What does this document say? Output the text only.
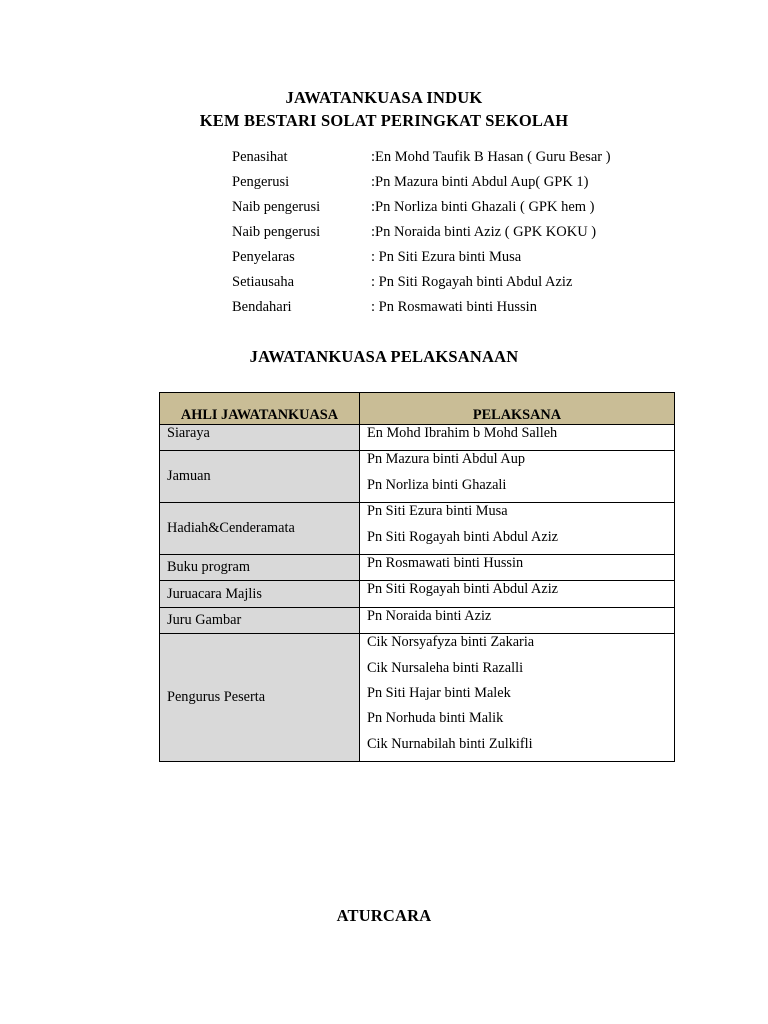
JAWATANKUASA INDUK
KEM BESTARI SOLAT PERINGKAT SEKOLAH
Penasihat	:En Mohd Taufik B Hasan ( Guru Besar )
Pengerusi	:Pn Mazura binti Abdul Aup( GPK 1)
Naib pengerusi	:Pn Norliza binti Ghazali ( GPK hem )
Naib pengerusi	:Pn Noraida binti Aziz ( GPK KOKU )
Penyelaras	: Pn Siti Ezura binti Musa
Setiausaha	: Pn Siti Rogayah binti Abdul Aziz
Bendahari	: Pn Rosmawati binti Hussin
JAWATANKUASA PELAKSANAAN
AHLI JAWATANKUASA	PELAKSANA

Siaraya	En Mohd Ibrahim b Mohd Salleh

Jamuan	Pn Mazura binti Abdul Aup
Pn Norliza binti Ghazali

Hadiah&Cenderamata	Pn Siti Ezura binti Musa
Pn Siti Rogayah binti Abdul Aziz

Buku program	Pn Rosmawati binti Hussin

Juruacara Majlis	Pn Siti Rogayah binti Abdul Aziz

Juru Gambar	Pn Noraida binti Aziz

Pengurus Peserta	Cik Norsyafyza binti Zakaria
Cik Nursaleha binti Razalli
Pn Siti Hajar binti Malek
Pn Norhuda binti Malik
Cik Nurnabilah binti Zulkifli
ATURCARA
